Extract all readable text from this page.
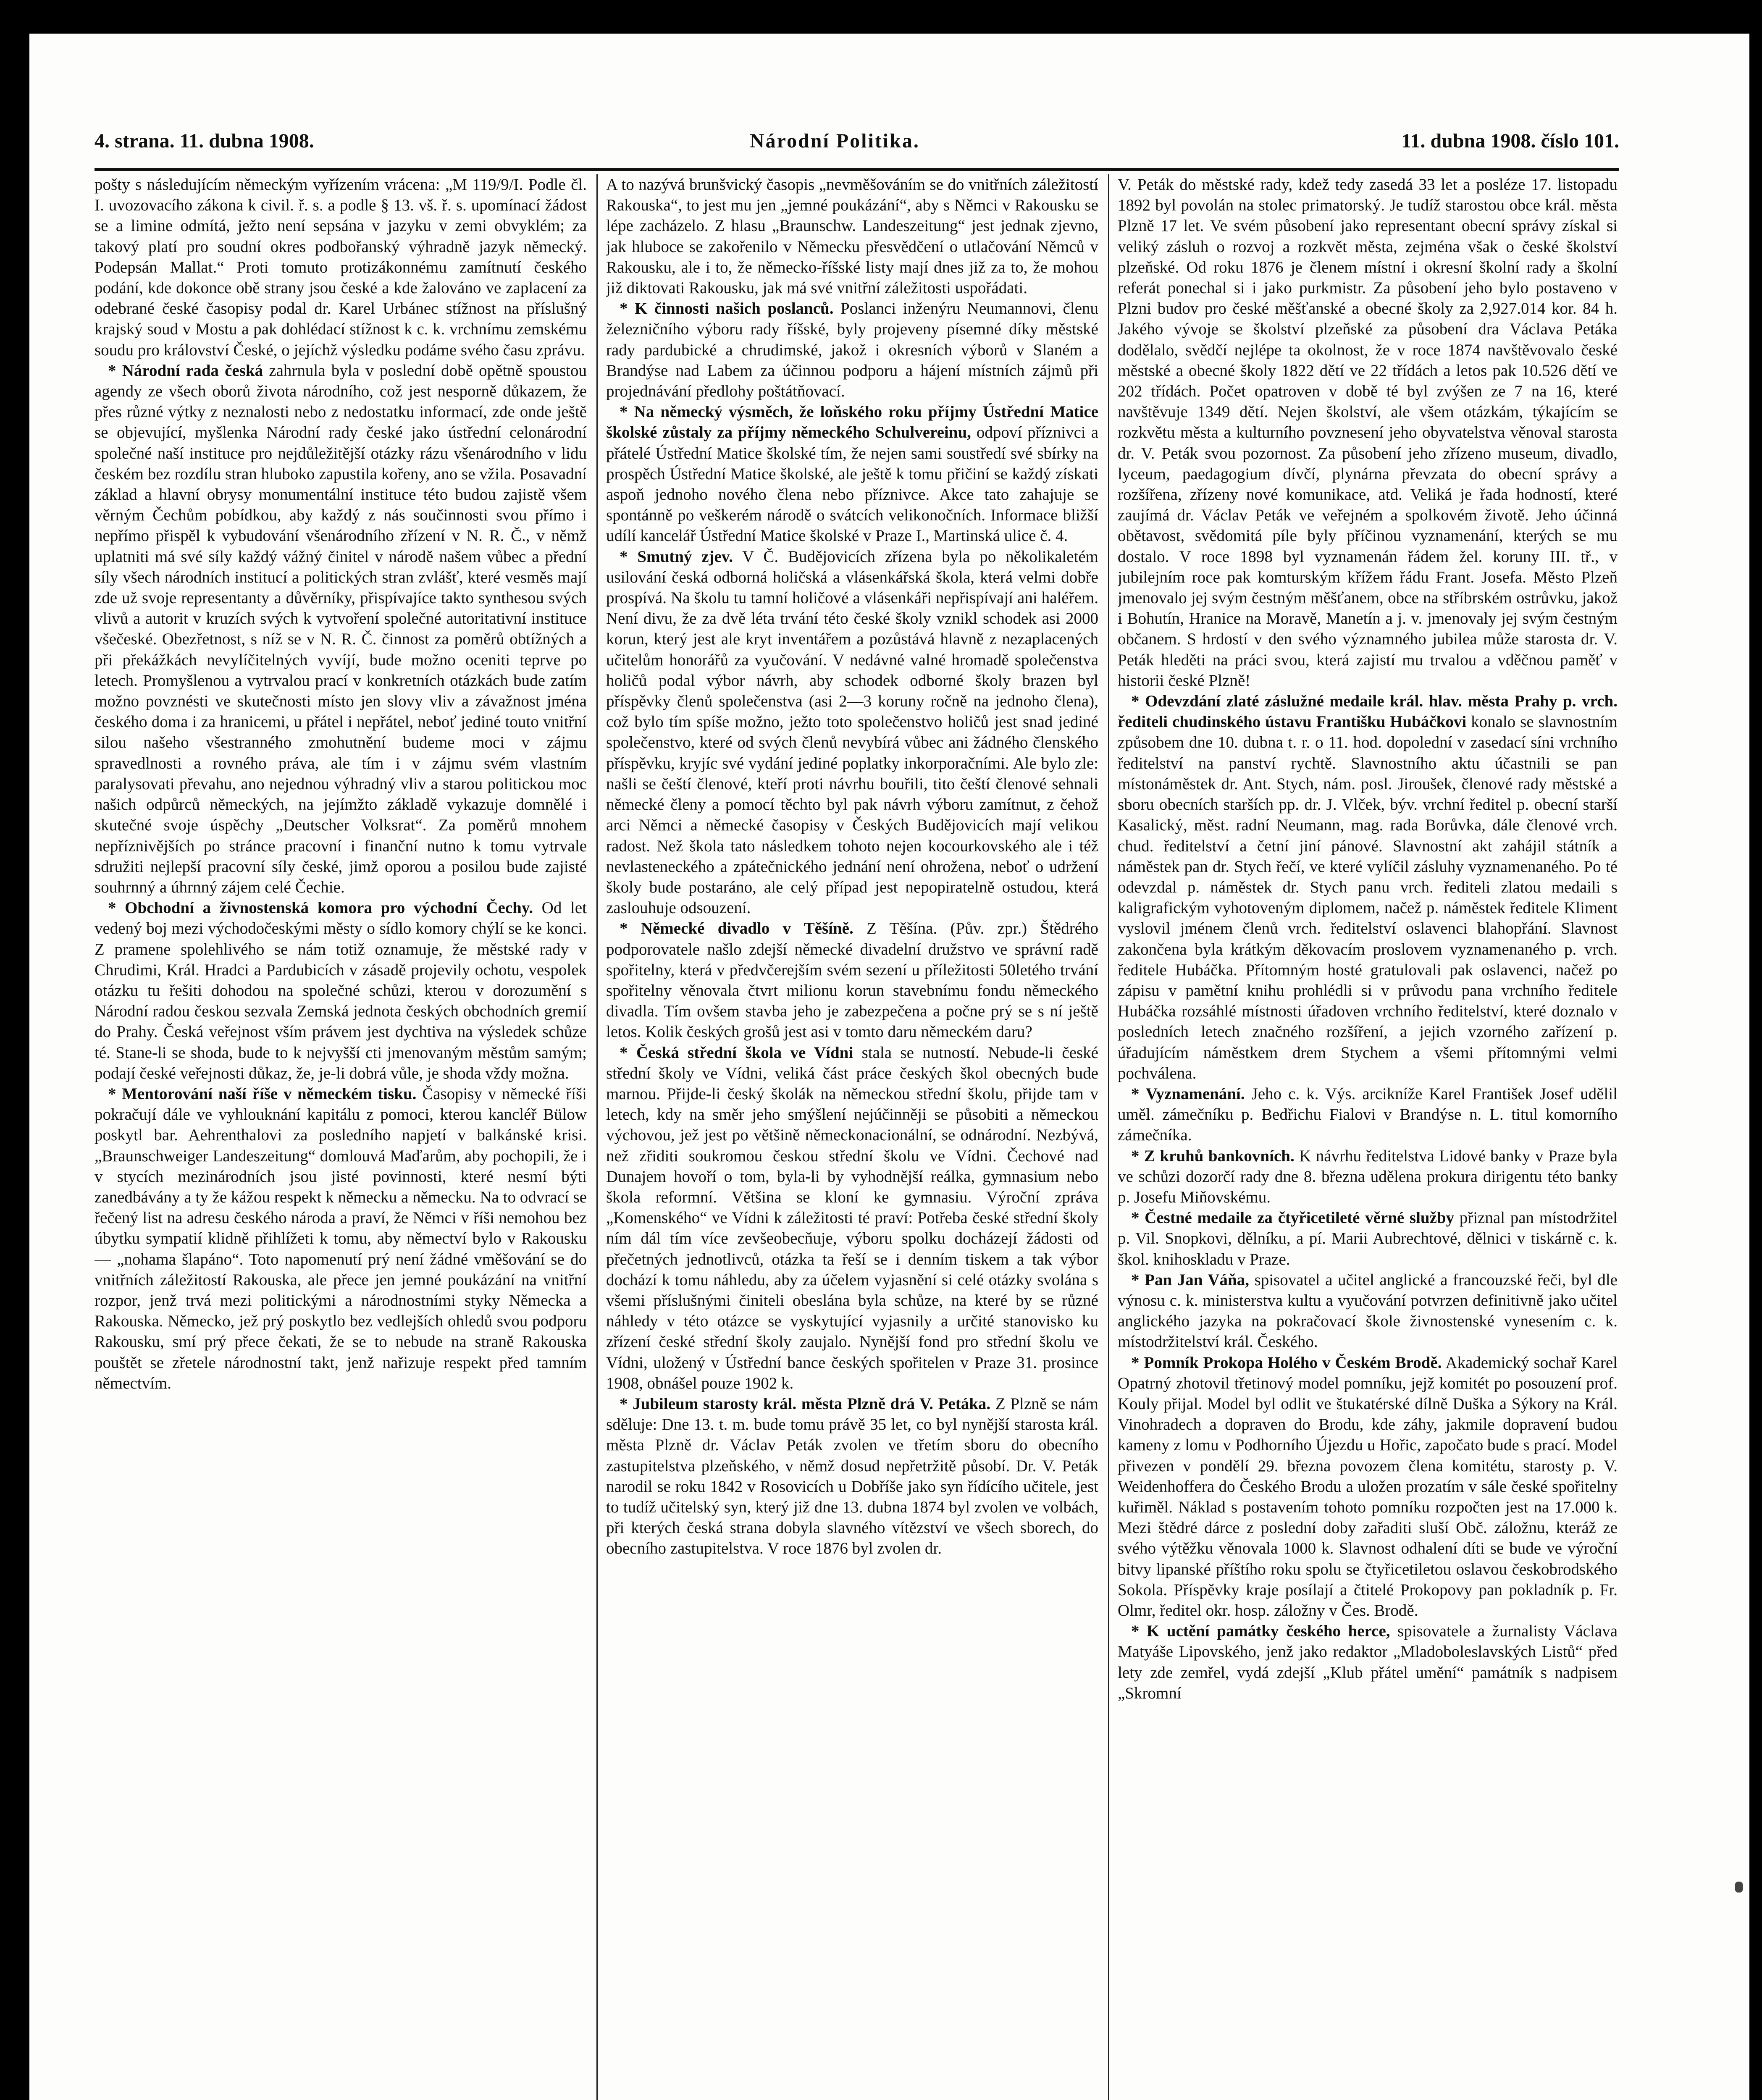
4. strana. 11. dubna 1908.	Národní Politika.	11. dubna 1908. číslo 101.

pošty s následujícím německým vyřízením vrácena: „M 119/9/I. Podle čl. I. uvozovacího zákona k civil. ř. s. a podle § 13. vš. ř. s. upomínací žádost se a limine odmítá, ježto není sepsána v jazyku v zemi obvyklém; za takový platí pro soudní okres podbořanský výhradně jazyk německý. Podepsán Mallat.“ Proti tomuto protizákonnému zamítnutí českého podání, kde dokonce obě strany jsou české a kde žalováno ve zaplacení za odebrané české časopisy podal dr. Karel Urbánec stížnost na příslušný krajský soud v Mostu a pak dohlédací stížnost k c. k. vrchnímu zemskému soudu pro království České, o jejíchž výsledku podáme svého času zprávu.

* Národní rada česká zahrnula byla v poslední době opětně spoustou agendy ze všech oborů života národního, což jest nesporně důkazem, že přes různé výtky z neznalosti nebo z nedostatku informací, zde onde ještě se objevující, myšlenka Národní rady české jako ústřední celonárodní společné naší instituce pro nejdůležitější otázky rázu všenárodního v lidu českém bez rozdílu stran hluboko zapustila kořeny, ano se vžila. Posavadní základ a hlavní obrysy monumentální instituce této budou zajistě všem věrným Čechům pobídkou, aby každý z nás součinnosti svou přímo i nepřímo přispěl k vybudování všenárodního zřízení v N. R. Č., v němž uplatniti má své síly každý vážný činitel v národě našem vůbec a přední síly všech národních institucí a politických stran zvlášť, které vesměs mají zde už svoje representanty a důvěrníky, přispívajíce takto synthesou svých vlivů a autorit v kruzích svých k vytvoření společné autoritativní instituce všečeské. Obezřetnost, s níž se v N. R. Č. činnost za poměrů obtížných a při překážkách nevylíčitelných vyvíjí, bude možno oceniti teprve po letech. Promyšlenou a vytrvalou prací v konkretních otázkách bude zatím možno povznésti ve skutečnosti místo jen slovy vliv a závažnost jména českého doma i za hranicemi, u přátel i nepřátel, neboť jediné touto vnitřní silou našeho všestranného zmohutnění budeme moci v zájmu spravedlnosti a rovného práva, ale tím i v zájmu svém vlastním paralysovati převahu, ano nejednou výhradný vliv a starou politickou moc našich odpůrců německých, na jejímžto základě vykazuje domnělé i skutečné svoje úspěchy „Deutscher Volksrat“. Za poměrů mnohem nepříznivějších po stránce pracovní i finanční nutno k tomu vytrvale sdružiti nejlepší pracovní síly české, jimž oporou a posilou bude zajisté souhrnný a úhrnný zájem celé Čechie.

* Obchodní a živnostenská komora pro východní Čechy. Od let vedený boj mezi východočeskými městy o sídlo komory chýlí se ke konci. Z pramene spolehlivého se nám totiž oznamuje, že městské rady v Chrudimi, Král. Hradci a Pardubicích v zásadě projevily ochotu, vespolek otázku tu řešiti dohodou na společné schůzi, kterou v dorozumění s Národní radou českou sezvala Zemská jednota českých obchodních gremií do Prahy. Česká veřejnost vším právem jest dychtiva na výsledek schůze té. Stane-li se shoda, bude to k nejvyšší cti jmenovaným městům samým; podají české veřejnosti důkaz, že, je-li dobrá vůle, je shoda vždy možna.

* Mentorování naší říše v německém tisku. Časopisy v německé říši pokračují dále ve vyhlouknání kapitálu z pomoci, kterou kancléř Bülow poskytl bar. Aehrenthalovi za posledního napjetí v balkánské krisi. „Braunschweiger Landeszeitung“ domlouvá Maďarům, aby pochopili, že i v stycích mezinárodních jsou jisté povinnosti, které nesmí býti zanedbávány a ty že kážou respekt k německu a německu. Na to odvrací se řečený list na adresu českého národa a praví, že Němci v říši nemohou bez úbytku sympatií klidně přihlížeti k tomu, aby němectví bylo v Rakousku — „nohama šlapáno“. Toto napomenutí prý není žádné vměšování se do vnitřních záležitostí Rakouska, ale přece jen jemné poukázání na vnitřní rozpor, jenž trvá mezi politickými a národnostními styky Německa a Rakouska. Německo, jež prý poskytlo bez vedlejších ohledů svou podporu Rakousku, smí prý přece čekati, že se to nebude na straně Rakouska pouštět se zřetele národnostní takt, jenž nařizuje respekt před tamním němectvím.

A to nazývá brunšvický časopis „nevměšováním se do vnitřních záležitostí Rakouska“, to jest mu jen „jemné poukázání“, aby s Němci v Rakousku se lépe zacházelo. Z hlasu „Braunschw. Landeszeitung“ jest jednak zjevno, jak hluboce se zakořenilo v Německu přesvědčení o utlačování Němců v Rakousku, ale i to, že německo-říšské listy mají dnes již za to, že mohou již diktovati Rakousku, jak má své vnitřní záležitosti uspořádati.

* K činnosti našich poslanců. Poslanci inženýru Neumannovi, členu železničního výboru rady říšské, byly projeveny písemné díky městské rady pardubické a chrudimské, jakož i okresních výborů v Slaném a Brandýse nad Labem za účinnou podporu a hájení místních zájmů při projednávání předlohy poštátňovací.

* Na německý výsměch, že loňského roku příjmy Ústřední Matice školské zůstaly za příjmy německého Schulvereinu, odpoví příznivci a přátelé Ústřední Matice školské tím, že nejen sami soustředí své sbírky na prospěch Ústřední Matice školské, ale ještě k tomu přičiní se každý získati aspoň jednoho nového člena nebo příznivce. Akce tato zahajuje se spontánně po veškerém národě o svátcích velikonočních. Informace bližší udílí kancelář Ústřední Matice školské v Praze I., Martinská ulice č. 4.

* Smutný zjev. V Č. Budějovicích zřízena byla po několikaletém usilování česká odborná holičská a vlásenkářská škola, která velmi dobře prospívá. Na školu tu tamní holičové a vlásenkáři nepřispívají ani haléřem. Není divu, že za dvě léta trvání této české školy vznikl schodek asi 2000 korun, který jest ale kryt inventářem a pozůstává hlavně z nezaplacených učitelům honorářů za vyučování. V nedávné valné hromadě společenstva holičů podal výbor návrh, aby schodek odborné školy brazen byl příspěvky členů společenstva (asi 2—3 koruny ročně na jednoho člena), což bylo tím spíše možno, ježto toto společenstvo holičů jest snad jediné společenstvo, které od svých členů nevybírá vůbec ani žádného členského příspěvku, kryjíc své vydání jediné poplatky inkorporačními. Ale bylo zle: našli se čeští členové, kteří proti návrhu bouřili, tito čeští členové sehnali německé členy a pomocí těchto byl pak návrh výboru zamítnut, z čehož arci Němci a německé časopisy v Českých Budějovicích mají velikou radost. Než škola tato následkem tohoto nejen kocourkovského ale i též nevlasteneckého a zpátečnického jednání není ohrožena, neboť o udržení školy bude postaráno, ale celý případ jest nepopiratelně ostudou, která zaslouhuje odsouzení.

* Německé divadlo v Těšíně. Z Těšína. (Pův. zpr.) Štědrého podporovatele našlo zdejší německé divadelní družstvo ve správní radě spořitelny, která v předvčerejším svém sezení u příležitosti 50letého trvání spořitelny věnovala čtvrt milionu korun stavebnímu fondu německého divadla. Tím ovšem stavba jeho je zabezpečena a počne prý se s ní ještě letos. Kolik českých grošů jest asi v tomto daru německém daru?

* Česká střední škola ve Vídni stala se nutností. Nebude-li české střední školy ve Vídni, veliká část práce českých škol obecných bude marnou. Přijde-li český školák na německou střední školu, přijde tam v letech, kdy na směr jeho smýšlení nejúčinněji se působiti a německou výchovou, jež jest po většině německonacionální, se odnárodní. Nezbývá, než zřiditi soukromou českou střední školu ve Vídni. Čechové nad Dunajem hovoří o tom, byla-li by vyhodnější reálka, gymnasium nebo škola reformní. Většina se kloní ke gymnasiu. Výroční zpráva „Komenského“ ve Vídni k záležitosti té praví: Potřeba české střední školy ním dál tím více zevšeobecňuje, výboru spolku docházejí žádosti od přečetných jednotlivců, otázka ta řeší se i denním tiskem a tak výbor dochází k tomu náhledu, aby za účelem vyjasnění si celé otázky svolána s všemi příslušnými činiteli obeslána byla schůze, na které by se různé náhledy v této otázce se vyskytující vyjasnily a určité stanovisko ku zřízení české střední školy zaujalo. Nynější fond pro střední školu ve Vídni, uložený v Ústřední bance českých spořitelen v Praze 31. prosince 1908, obnášel pouze 1902 k.

* Jubileum starosty král. města Plzně drá V. Petáka. Z Plzně se nám sděluje: Dne 13. t. m. bude tomu právě 35 let, co byl nynější starosta král. města Plzně dr. Václav Peták zvolen ve třetím sboru do obecního zastupitelstva plzeňského, v němž dosud nepřetržitě působí. Dr. V. Peták narodil se roku 1842 v Rosovicích u Dobříše jako syn řídícího učitele, jest to tudíž učitelský syn, který již dne 13. dubna 1874 byl zvolen ve volbách, při kterých česká strana dobyla slavného vítězství ve všech sborech, do obecního zastupitelstva. V roce 1876 byl zvolen dr.

V. Peták do městské rady, kdež tedy zasedá 33 let a posléze 17. listopadu 1892 byl povolán na stolec primatorský. Je tudíž starostou obce král. města Plzně 17 let. Ve svém působení jako representant obecní správy získal si veliký zásluh o rozvoj a rozkvět města, zejména však o české školství plzeňské. Od roku 1876 je členem místní i okresní školní rady a školní referát ponechal si i jako purkmistr. Za působení jeho bylo postaveno v Plzni budov pro české měšťanské a obecné školy za 2,927.014 kor. 84 h. Jakého vývoje se školství plzeňské za působení dra Václava Petáka dodělalo, svědčí nejlépe ta okolnost, že v roce 1874 navštěvovalo české městské a obecné školy 1822 dětí ve 22 třídách a letos pak 10.526 dětí ve 202 třídách. Počet opatroven v době té byl zvýšen ze 7 na 16, které navštěvuje 1349 dětí. Nejen školství, ale všem otázkám, týkajícím se rozkvětu města a kulturního povznesení jeho obyvatelstva věnoval starosta dr. V. Peták svou pozornost. Za působení jeho zřízeno museum, divadlo, lyceum, paedagogium dívčí, plynárna převzata do obecní správy a rozšířena, zřízeny nové komunikace, atd. Veliká je řada hodností, které zaujímá dr. Václav Peták ve veřejném a spolkovém životě. Jeho účinná obětavost, svědomitá píle byly příčinou vyznamenání, kterých se mu dostalo. V roce 1898 byl vyznamenán řádem žel. koruny III. tř., v jubilejním roce pak komturským křížem řádu Frant. Josefa. Město Plzeň jmenovalo jej svým čestným měšťanem, obce na stříbrském ostrůvku, jakož i Bohutín, Hranice na Moravě, Manetín a j. v. jmenovaly jej svým čestným občanem. S hrdostí v den svého významného jubilea může starosta dr. V. Peták hleděti na práci svou, která zajistí mu trvalou a vděčnou paměť v historii české Plzně!

* Odevzdání zlaté záslužné medaile král. hlav. města Prahy p. vrch. řediteli chudinského ústavu Františku Hubáčkovi konalo se slavnostním způsobem dne 10. dubna t. r. o 11. hod. dopolední v zasedací síni vrchního ředitelství na panství rychtě. Slavnostního aktu účastnili se pan místonáměstek dr. Ant. Stych, nám. posl. Jiroušek, členové rady městské a sboru obecních starších pp. dr. J. Vlček, býv. vrchní ředitel p. obecní starší Kasalický, měst. radní Neumann, mag. rada Borůvka, dále členové vrch. chud. ředitelství a četní jiní pánové. Slavnostní akt zahájil státník a náměstek pan dr. Stych řečí, ve které vylíčil zásluhy vyznamenaného. Po té odevzdal p. náměstek dr. Stych panu vrch. řediteli zlatou medaili s kaligrafickým vyhotoveným diplomem, načež p. náměstek ředitele Kliment vyslovil jménem členů vrch. ředitelství oslavenci blahopřání. Slavnost zakončena byla krátkým děkovacím proslovem vyznamenaného p. vrch. ředitele Hubáčka. Přítomným hosté gratulovali pak oslavenci, načež po zápisu v pamětní knihu prohlédli si v průvodu pana vrchního ředitele Hubáčka rozsáhlé místnosti úřadoven vrchního ředitelství, které doznalo v posledních letech značného rozšíření, a jejich vzorného zařízení p. úřadujícím náměstkem drem Stychem a všemi přítomnými velmi pochválena.

* Vyznamenání. Jeho c. k. Výs. arcikníže Karel František Josef udělil uměl. zámečníku p. Bedřichu Fialovi v Brandýse n. L. titul komorního zámečníka.

* Z kruhů bankovních. K návrhu ředitelstva Lidové banky v Praze byla ve schůzi dozorčí rady dne 8. března udělena prokura dirigentu této banky p. Josefu Miňovskému.

* Čestné medaile za čtyřicetileté věrné služby přiznal pan místodržitel p. Vil. Snopkovi, dělníku, a pí. Marii Aubrechtové, dělnici v tiskárně c. k. škol. knihoskladu v Praze.

* Pan Jan Váňa, spisovatel a učitel anglické a francouzské řeči, byl dle výnosu c. k. ministerstva kultu a vyučování potvrzen definitivně jako učitel anglického jazyka na pokračovací škole živnostenské vynesením c. k. místodržitelství král. Českého.

* Pomník Prokopa Holého v Českém Brodě. Akademický sochař Karel Opatrný zhotovil třetinový model pomníku, jejž komitét po posouzení prof. Kouly přijal. Model byl odlit ve štukatérské dílně Duška a Sýkory na Král. Vinohradech a dopraven do Brodu, kde záhy, jakmile dopravení budou kameny z lomu v Podhorního Újezdu u Hořic, započato bude s prací. Model přivezen v pondělí 29. března povozem člena komitétu, starosty p. V. Weidenhoffera do Českého Brodu a uložen prozatím v sále české spořitelny kuřiměl. Náklad s postavením tohoto pomníku rozpočten jest na 17.000 k. Mezi štědré dárce z poslední doby zařaditi sluší Obč. záložnu, kteráž ze svého výtěžku věnovala 1000 k. Slavnost odhalení díti se bude ve výroční bitvy lipanské příštího roku spolu se čtyřicetiletou oslavou českobrodského Sokola. Příspěvky kraje posílají a čtitelé Prokopovy pan pokladník p. Fr. Olmr, ředitel okr. hosp. záložny v Čes. Brodě.

* K uctění památky českého herce, spisovatele a žurnalisty Václava Matyáše Lipovského, jenž jako redaktor „Mladoboleslavských Listů“ před lety zde zemřel, vydá zdejší „Klub přátel umění“ památník s nadpisem „Skromní
